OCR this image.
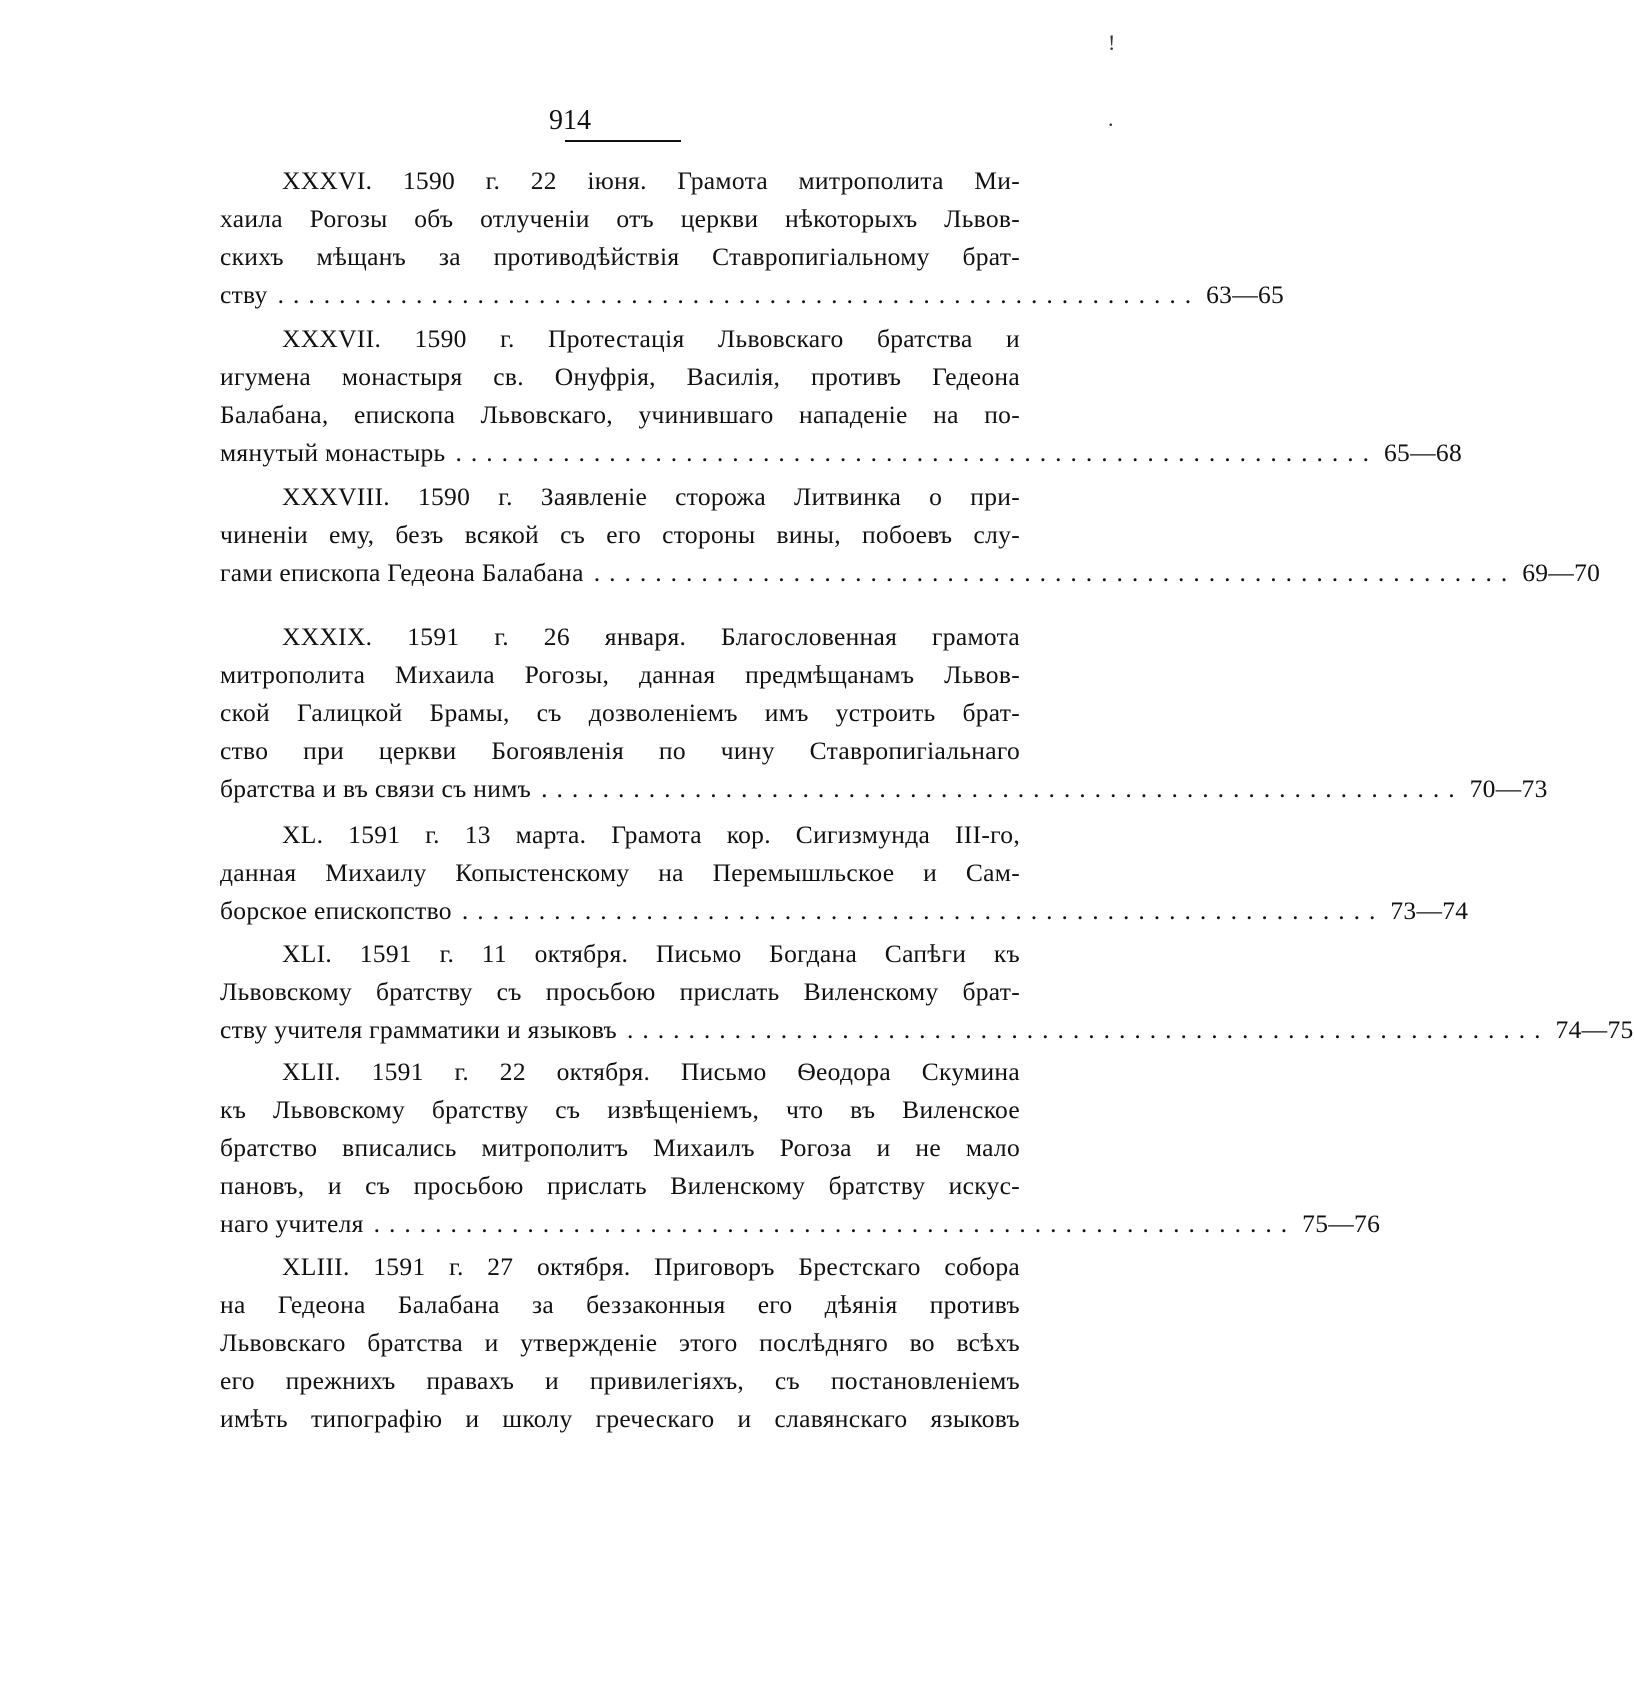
!
.
914
XXXVI. 1590 г. 22 іюня. Грамота митрополита Ми-
хаила Рогозы объ отлученіи отъ церкви нѣкоторыхъ Львов-
скихъ мѣщанъ за противодѣйствія Ставропигіальному брат-
ству ............................................................ 63—65
XXXVII. 1590 г. Протестація Львовскаго братства и
игумена монастыря св. Онуфрія, Василія, противъ Гедеона
Балабана, епископа Львовскаго, учинившаго нападеніе на по-
мянутый монастырь ............................................................ 65—68
XXXVIII. 1590 г. Заявленіе сторожа Литвинка о при-
чиненіи ему, безъ всякой съ его стороны вины, побоевъ слу-
гами епископа Гедеона Балабана ............................................................ 69—70
XXXIX. 1591 г. 26 января. Благословенная грамота
митрополита Михаила Рогозы, данная предмѣщанамъ Львов-
ской Галицкой Брамы, съ дозволеніемъ имъ устроить брат-
ство при церкви Богоявленія по чину Ставропигіальнаго
братства и въ связи съ нимъ ............................................................ 70—73
XL. 1591 г. 13 марта. Грамота кор. Сигизмунда III-го,
данная Михаилу Копыстенскому на Перемышльское и Сам-
борское епископство ............................................................ 73—74
XLI. 1591 г. 11 октября. Письмо Богдана Сапѣги къ
Львовскому братству съ просьбою прислать Виленскому брат-
ству учителя грамматики и языковъ ............................................................ 74—75
XLII. 1591 г. 22 октября. Письмо Ѳеодора Скумина
къ Львовскому братству съ извѣщеніемъ, что въ Виленское
братство вписались митрополитъ Михаилъ Рогоза и не мало
пановъ, и съ просьбою прислать Виленскому братству искус-
наго учителя ............................................................ 75—76
XLIII. 1591 г. 27 октября. Приговоръ Брестскаго собора
на Гедеона Балабана за беззаконныя его дѣянія противъ
Львовскаго братства и утвержденіе этого послѣдняго во всѣхъ
его прежнихъ правахъ и привилегіяхъ, съ постановленіемъ
имѣть типографію и школу греческаго и славянскаго языковъ
